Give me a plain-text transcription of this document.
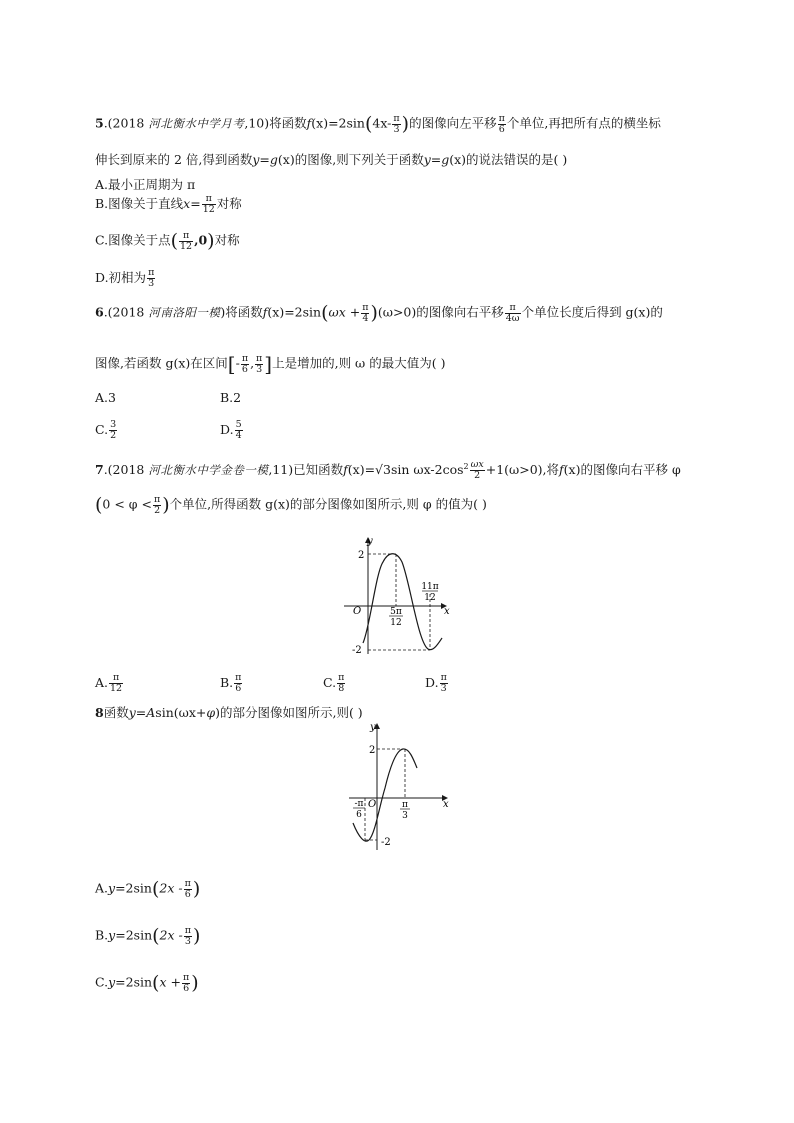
5.(2018 河北衡水中学月考,10)将函数$f(x)=2\sin(4x- \frac{\pi}{3}$ )的图像向左平移 $\frac{\pi}{6}$ 个单位,再把所有点的横坐标
伸长到原来的 2 倍,得到函数y=g(x)的图像,则下列关于函数y=g(x)的说法错误的是( )
A.最小正周期为 π
B.图像关于直线$x= \frac{\pi}{12}$ 对称
C.图像关于点( $\frac{\pi}{12} ,0$)对称
D.初相为 $\frac{\pi}{3}$
6.(2018 河南洛阳一模)将函数$f(x)=2\sin(\omega x + \frac{\pi}{4} )(\omega>0)$的图像向右平移 $\frac{\pi}{4\omega}$ 个单位长度后得到 g(x)的
图像,若函数 g(x)在区间[- $\frac{\pi}{6}$ , $\frac{\pi}{3}$ ]上是增加的,则 ω 的最大值为( )
A.3	B.2
C. $\frac{3}{2}$	D. $\frac{5}{4}$
7.(2018 河北衡水中学金卷一模,11)已知函数f(x)=√3sin $\omega x-2\cos^2 \frac{\omega x}{2} +1(\omega>0)$,将f(x)的图像向右平移 φ
($0 < \varphi < \frac{\pi}{2}$ )个单位,所得函数 g(x)的部分图像如图所示,则 φ 的值为( )
y
x
O
2
-2
5π
12
11π
12
A. $\frac{\pi}{12}$	B. $\frac{\pi}{6}$	C. $\frac{\pi}{8}$	D. $\frac{\pi}{3}$
8函数y=Asin(ωx+φ)的部分图像如图所示,则( )
y
x
O
2
-2
-π
6
π
3
$A.y=2\sin(2x - \frac{\pi}{6}$ )
$B.y=2\sin(2x - \frac{\pi}{3}$ )
$C.y=2\sin(x + \frac{\pi}{6}$ )
